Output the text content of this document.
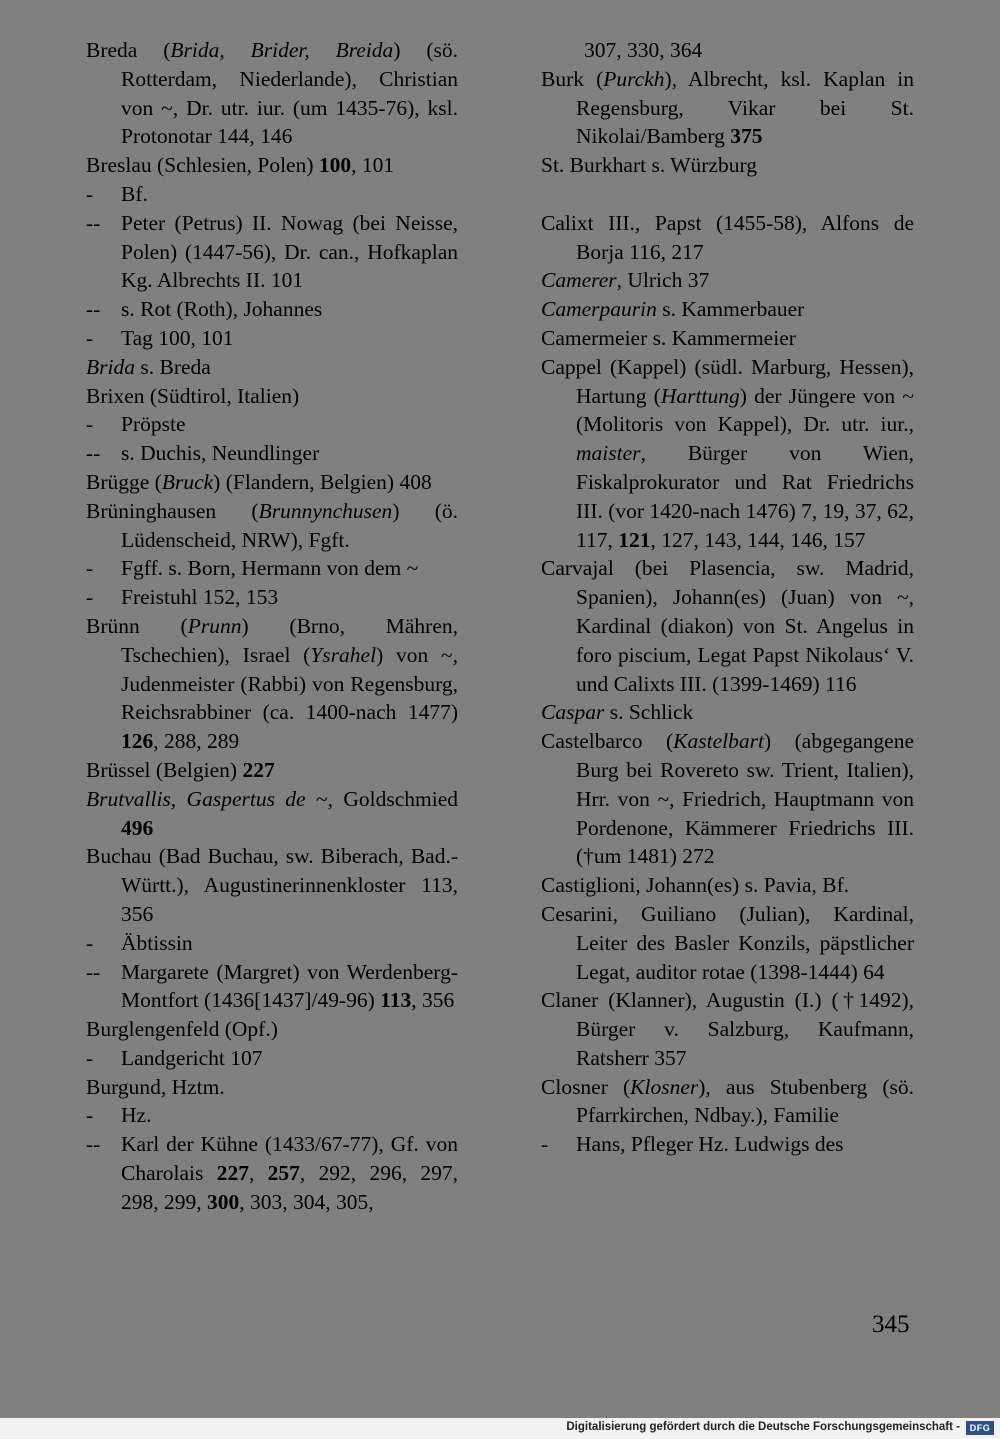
Breda (Brida, Brider, Breida) (sö. Rotterdam, Niederlande), Christian von ~, Dr. utr. iur. (um 1435-76), ksl. Protonotar 144, 146
Breslau (Schlesien, Polen) 100, 101
- Bf.
-- Peter (Petrus) II. Nowag (bei Neisse, Polen) (1447-56), Dr. can., Hofkaplan Kg. Albrechts II. 101
-- s. Rot (Roth), Johannes
- Tag 100, 101
Brida s. Breda
Brixen (Südtirol, Italien)
- Pröpste
-- s. Duchis, Neundlinger
Brügge (Bruck) (Flandern, Belgien) 408
Brüninghausen (Brunnynchusen) (ö. Lüdenscheid, NRW), Fgft.
- Fgff. s. Born, Hermann von dem ~
- Freistuhl 152, 153
Brünn (Prunn) (Brno, Mähren, Tschechien), Israel (Ysrahel) von ~, Judenmeister (Rabbi) von Regensburg, Reichsrabbiner (ca. 1400-nach 1477) 126, 288, 289
Brüssel (Belgien) 227
Brutvallis, Gaspertus de ~, Goldschmied 496
Buchau (Bad Buchau, sw. Biberach, Bad.-Württ.), Augustinerinnenkloster 113, 356
- Äbtissin
-- Margarete (Margret) von Werdenberg-Montfort (1436[1437]/49-96) 113, 356
Burglengenfeld (Opf.)
- Landgericht 107
Burgund, Hztm.
- Hz.
-- Karl der Kühne (1433/67-77), Gf. von Charolais 227, 257, 292, 296, 297, 298, 299, 300, 303, 304, 305,
307, 330, 364
Burk (Purckh), Albrecht, ksl. Kaplan in Regensburg, Vikar bei St. Nikolai/Bamberg 375
St. Burkhart s. Würzburg
Calixt III., Papst (1455-58), Alfons de Borja 116, 217
Camerer, Ulrich 37
Camerpaurin s. Kammerbauer
Camermeier s. Kammermeier
Cappel (Kappel) (südl. Marburg, Hessen), Hartung (Harttung) der Jüngere von ~ (Molitoris von Kappel), Dr. utr. iur., maister, Bürger von Wien, Fiskalprokurator und Rat Friedrichs III. (vor 1420-nach 1476) 7, 19, 37, 62, 117, 121, 127, 143, 144, 146, 157
Carvajal (bei Plasencia, sw. Madrid, Spanien), Johann(es) (Juan) von ~, Kardinal (diakon) von St. Angelus in foro piscium, Legat Papst Nikolaus‘ V. und Calixts III. (1399-1469) 116
Caspar s. Schlick
Castelbarco (Kastelbart) (abgegangene Burg bei Rovereto sw. Trient, Italien), Hrr. von ~, Friedrich, Hauptmann von Pordenone, Kämmerer Friedrichs III. (†um 1481) 272
Castiglioni, Johann(es) s. Pavia, Bf.
Cesarini, Guiliano (Julian), Kardinal, Leiter des Basler Konzils, päpstlicher Legat, auditor rotae (1398-1444) 64
Claner (Klanner), Augustin (I.) (†1492), Bürger v. Salzburg, Kaufmann, Ratsherr 357
Closner (Klosner), aus Stubenberg (sö. Pfarrkirchen, Ndbay.), Familie
- Hans, Pfleger Hz. Ludwigs des
345
Digitalisierung gefördert durch die Deutsche Forschungsgemeinschaft -	DFG
